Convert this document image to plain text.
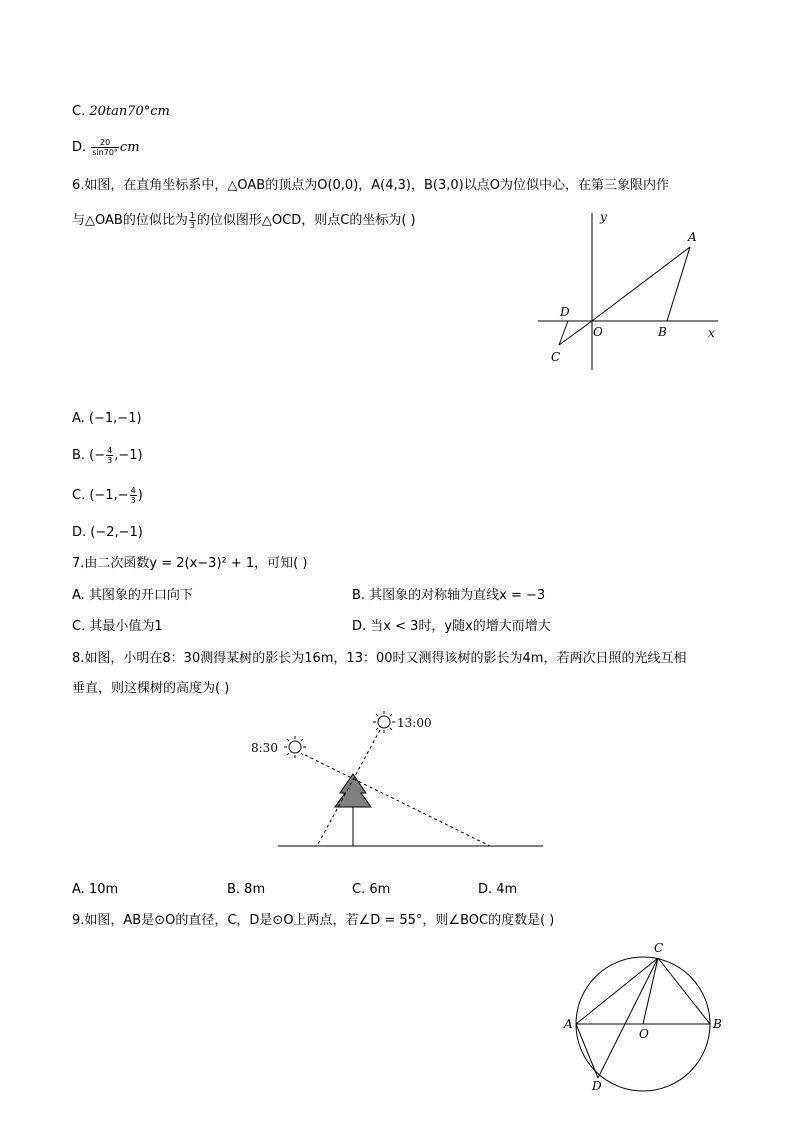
C. 20tan70°cm
D. $\frac{20}{\sin 70^\circ}$ cm
6.如图，在直角坐标系中，△OAB的顶点为O(0,0)，A(4,3)，B(3,0)以点O为位似中心，在第三象限内作
与△OAB的位似比为 $\frac{1}{3}$ 的位似图形△OCD，则点C的坐标为( )	y
x
A
B
O
D
C
A. (−1,−1)
B. (− $\frac{4}{3} ,-1$)
C. ($-1,- \frac{4}{3}$ )
D. (−2,−1)
7.由二次函数y = 2(x−3)² + 1，可知( )
A. 其图象的开口向下	B. 其图象的对称轴为直线x = −3
C. 其最小值为1	D. 当x < 3时，y随x的增大而增大
8.如图，小明在8：30测得某树的影长为16m，13：00时又测得该树的影长为4m，若两次日照的光线互相
垂直，则这棵树的高度为( )
8:30
13:00
A. 10m	B. 8m	C. 6m	D. 4m
9.如图，AB是⊙O的直径，C，D是⊙O上两点，若∠D = 55°，则∠BOC的度数是( )
C
A	B
O
D
